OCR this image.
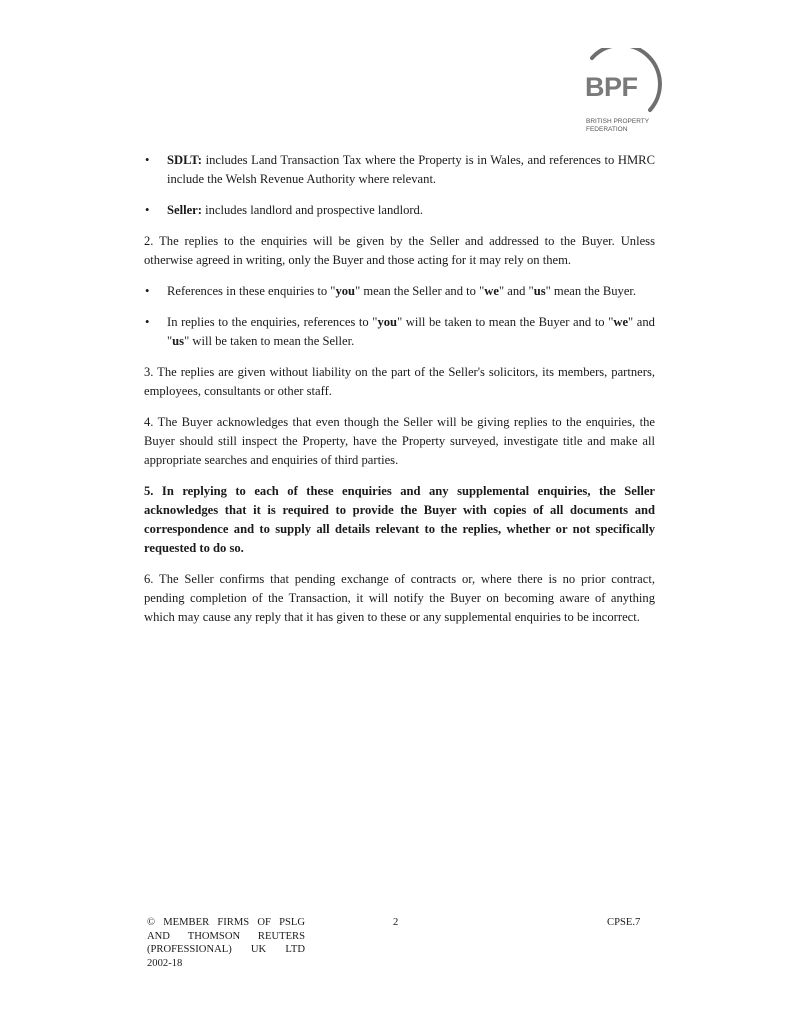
BPF
BRITISH PROPERTY
FEDERATION
•	SDLT: includes Land Transaction Tax where the Property is in Wales, and references to HMRC include the Welsh Revenue Authority where relevant.
•	Seller: includes landlord and prospective landlord.

2. The replies to the enquiries will be given by the Seller and addressed to the Buyer. Unless otherwise agreed in writing, only the Buyer and those acting for it may rely on them.

•	References in these enquiries to "you" mean the Seller and to "we" and "us" mean the Buyer.
•	In replies to the enquiries, references to "you" will be taken to mean the Buyer and to "we" and "us" will be taken to mean the Seller.

3. The replies are given without liability on the part of the Seller's solicitors, its members, partners, employees, consultants or other staff.

4. The Buyer acknowledges that even though the Seller will be giving replies to the enquiries, the Buyer should still inspect the Property, have the Property surveyed, investigate title and make all appropriate searches and enquiries of third parties.

5. In replying to each of these enquiries and any supplemental enquiries, the Seller acknowledges that it is required to provide the Buyer with copies of all documents and correspondence and to supply all details relevant to the replies, whether or not specifically requested to do so.

6. The Seller confirms that pending exchange of contracts or, where there is no prior contract, pending completion of the Transaction, it will notify the Buyer on becoming aware of anything which may cause any reply that it has given to these or any supplemental enquiries to be incorrect.

© MEMBER FIRMS OF PSLG
AND THOMSON REUTERS
(PROFESSIONAL) UK LTD
2002-18
2	CPSE.7
